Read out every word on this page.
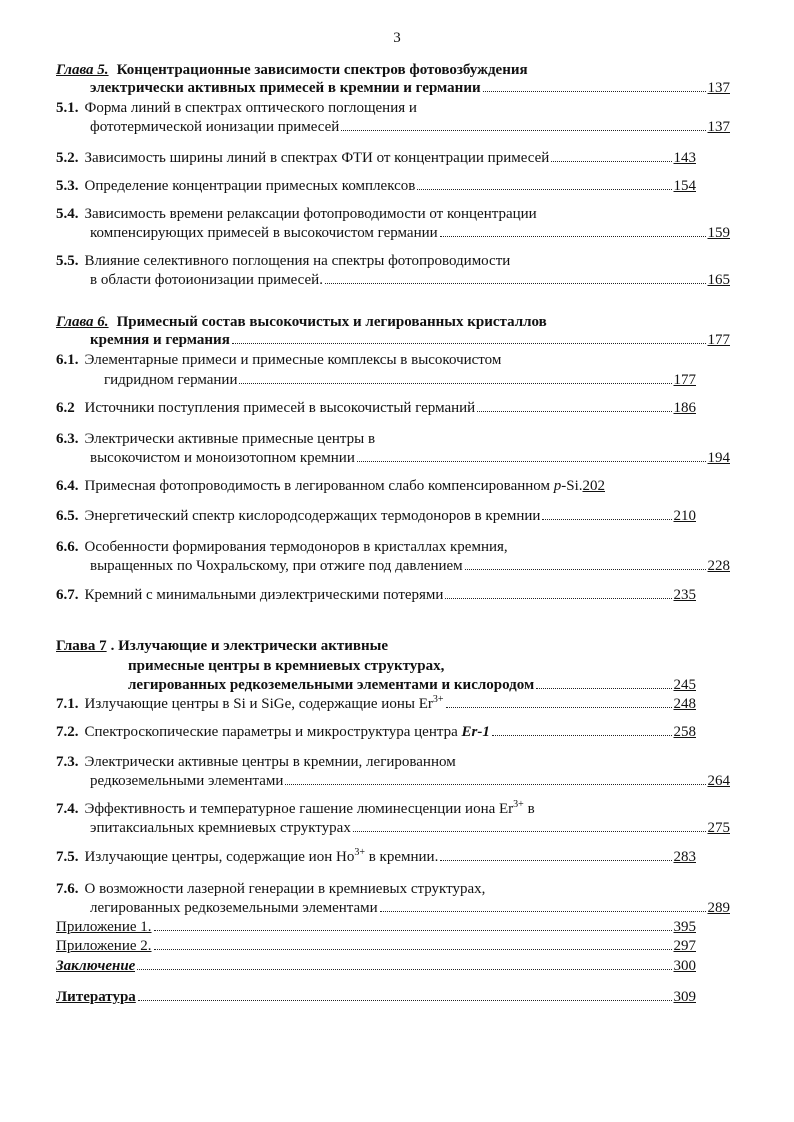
3
Глава 5. Концентрационные зависимости спектров фотовозбуждения
электрически активных примесей в кремнии и германии	137
5.1. Форма линий в спектрах оптического поглощения и
фототермической ионизации примесей	137
5.2. Зависимость ширины линий в спектрах ФТИ от концентрации примесей	143
5.3. Определение концентрации примесных комплексов	154
5.4. Зависимость времени релаксации фотопроводимости от концентрации
компенсирующих примесей в высокочистом германии	159
5.5. Влияние селективного поглощения на спектры фотопроводимости
в области фотоионизации примесей.	165
Глава 6. Примесный состав высокочистых и легированных кристаллов
кремния и германия	177
6.1. Элементарные примеси и примесные комплексы в высокочистом
гидридном германии	177
6.2 Источники поступления примесей в высокочистый германий	186
6.3. Электрически активные примесные центры в
высокочистом и моноизотопном кремнии	194
6.4. Примесная фотопроводимость в легированном слабо компенсированном p-Si. 202
6.5. Энергетический спектр кислородсодержащих термодоноров в кремнии	210
6.6. Особенности формирования термодоноров в кристаллах кремния,
выращенных по Чохральскому, при отжиге под давлением	228
6.7. Кремний с минимальными диэлектрическими потерями	235
Глава 7 . Излучающие и электрически активные
примесные центры в кремниевых структурах,
легированных редкоземельными элементами и кислородом	245
7.1. Излучающие центры в Si и SiGe, содержащие ионы $Er^{3+}$	248
7.2. Спектроскопические параметры и микроструктура центра Er-1	258
7.3. Электрически активные центры в кремнии, легированном
редкоземельными элементами	264
7.4. Эффективность и температурное гашение люминесценции иона $Er^{3+}$ в
эпитаксиальных кремниевых структурах	275
7.5. Излучающие центры, содержащие ион $Ho^{3+}$ в кремнии.	283
7.6. О возможности лазерной генерации в кремниевых структурах,
легированных редкоземельными элементами	289
Приложение 1.	395
Приложение 2.	297
Заключение	300
Литература	309
